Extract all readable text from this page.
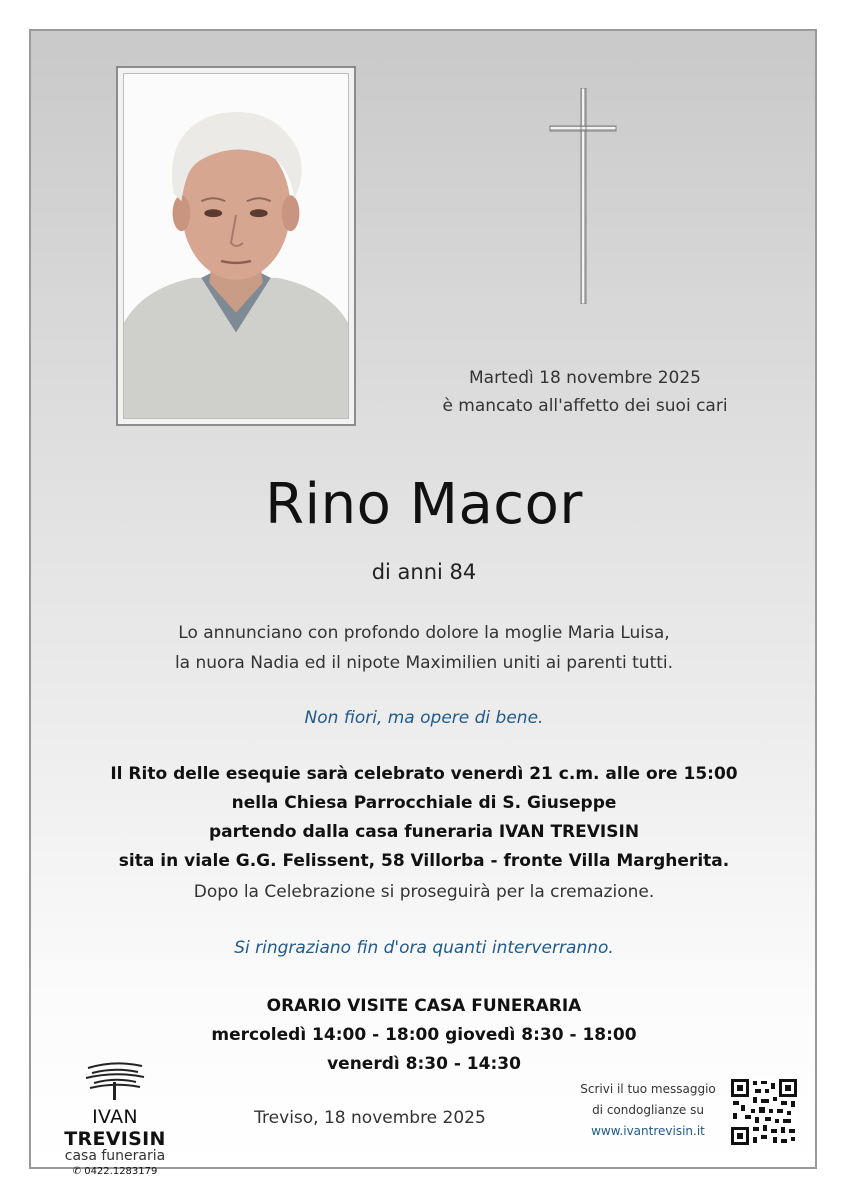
Martedì 18 novembre 2025
è mancato all'affetto dei suoi cari
Rino Macor
di anni 84
Lo annunciano con profondo dolore la moglie Maria Luisa,
la nuora Nadia ed il nipote Maximilien uniti ai parenti tutti.
Non fiori, ma opere di bene.
Il Rito delle esequie sarà celebrato venerdì 21 c.m. alle ore 15:00
nella Chiesa Parrocchiale di S. Giuseppe
partendo dalla casa funeraria IVAN TREVISIN
sita in viale G.G. Felissent, 58 Villorba - fronte Villa Margherita.
Dopo la Celebrazione si proseguirà per la cremazione.
Si ringraziano fin d'ora quanti interverranno.
ORARIO VISITE CASA FUNERARIA
mercoledì 14:00 - 18:00 giovedì 8:30 - 18:00
venerdì 8:30 - 14:30
IVAN TREVISIN
casa funeraria
✆ 0422.1283179
Treviso, 18 novembre 2025
Scrivi il tuo messaggio
di condoglianze su
www.ivantrevisin.it
